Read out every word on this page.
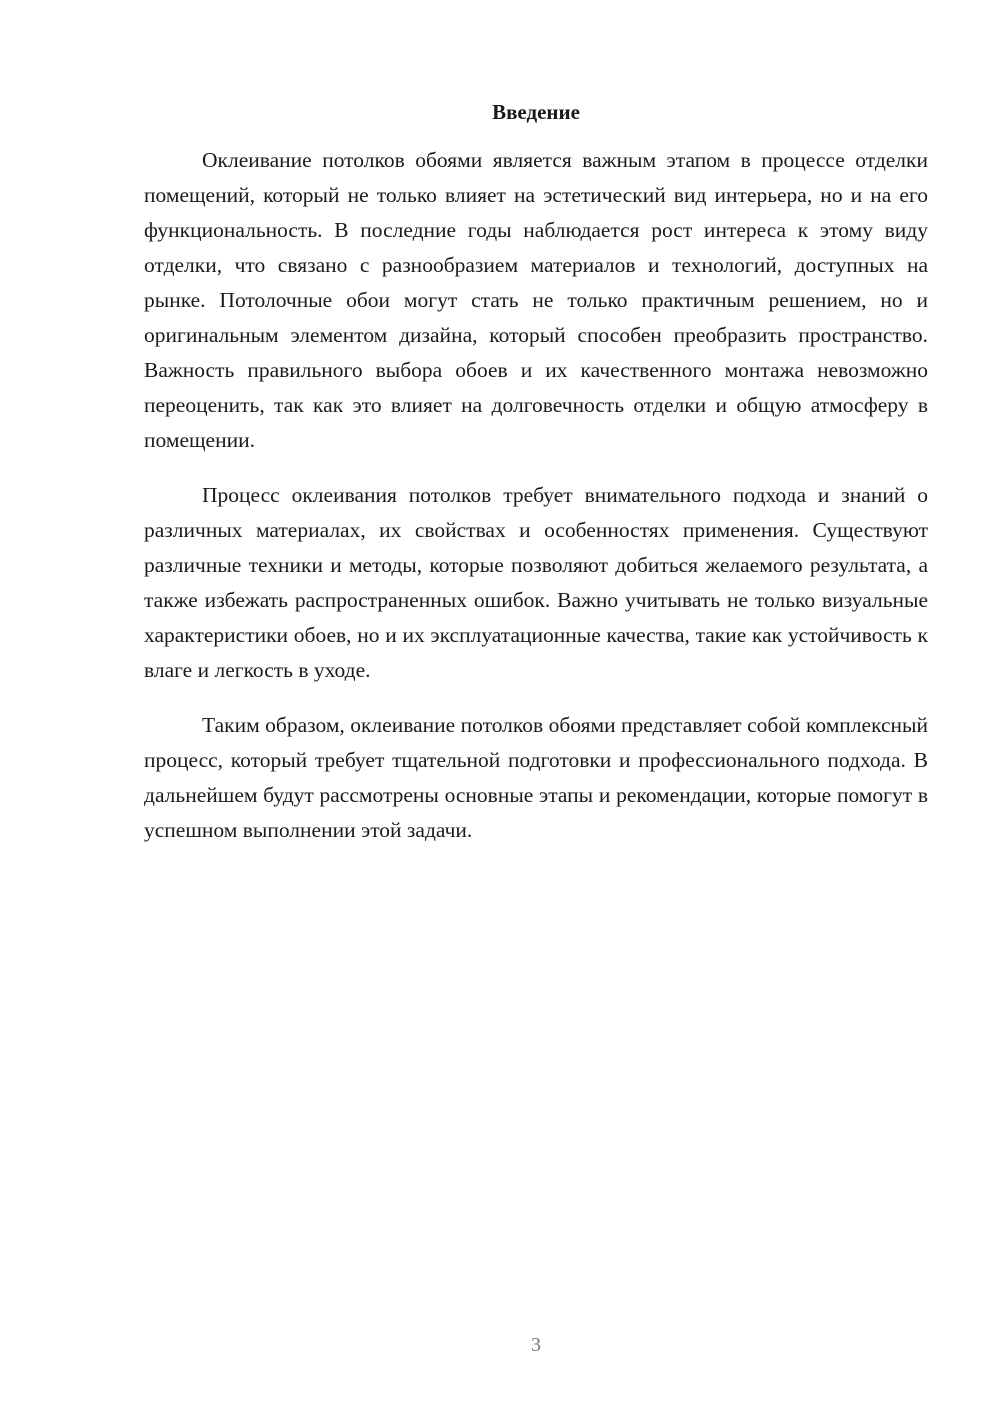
Введение

Оклеивание потолков обоями является важным этапом в процессе отделки помещений, который не только влияет на эстетический вид интерьера, но и на его функциональность. В последние годы наблюдается рост интереса к этому виду отделки, что связано с разнообразием материалов и технологий, доступных на рынке. Потолочные обои могут стать не только практичным решением, но и оригинальным элементом дизайна, который способен преобразить пространство. Важность правильного выбора обоев и их качественного монтажа невозможно переоценить, так как это влияет на долговечность отделки и общую атмосферу в помещении.

Процесс оклеивания потолков требует внимательного подхода и знаний о различных материалах, их свойствах и особенностях применения. Существуют различные техники и методы, которые позволяют добиться желаемого результата, а также избежать распространенных ошибок. Важно учитывать не только визуальные характеристики обоев, но и их эксплуатационные качества, такие как устойчивость к влаге и легкость в уходе.

Таким образом, оклеивание потолков обоями представляет собой комплексный процесс, который требует тщательной подготовки и профессионального подхода. В дальнейшем будут рассмотрены основные этапы и рекомендации, которые помогут в успешном выполнении этой задачи.

3
